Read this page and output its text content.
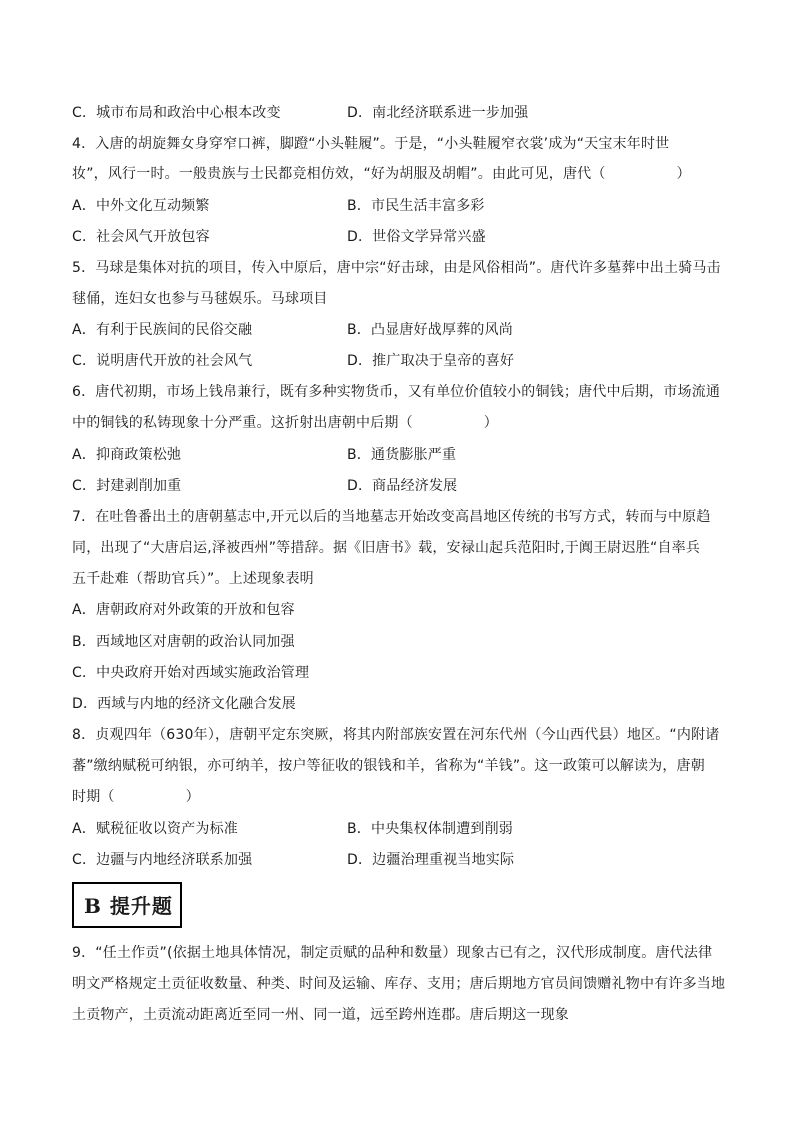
C．城市布局和政治中心根本改变	D．南北经济联系进一步加强
4．入唐的胡旋舞女身穿窄口裤，脚蹬“小头鞋履”。于是，“小头鞋履窄衣裳’成为“天宝末年时世
妆”，风行一时。一般贵族与士民都竞相仿效，“好为胡服及胡帽”。由此可见，唐代（　　　　　）
A．中外文化互动频繁	B．市民生活丰富多彩
C．社会风气开放包容	D．世俗文学异常兴盛
5．马球是集体对抗的项目，传入中原后，唐中宗“好击球，由是风俗相尚”。唐代许多墓葬中出土骑马击
毬俑，连妇女也参与马毬娱乐。马球项目
A．有利于民族间的民俗交融	B．凸显唐好战厚葬的风尚
C．说明唐代开放的社会风气	D．推广取决于皇帝的喜好
6．唐代初期，市场上钱帛兼行，既有多种实物货币，又有单位价值较小的铜钱；唐代中后期，市场流通
中的铜钱的私铸现象十分严重。这折射出唐朝中后期（　　　　　）
A．抑商政策松弛	B．通货膨胀严重
C．封建剥削加重	D．商品经济发展
7．在吐鲁番出土的唐朝墓志中,开元以后的当地墓志开始改变高昌地区传统的书写方式，转而与中原趋
同，出现了“大唐启运,泽被西州”等措辞。据《旧唐书》载，安禄山起兵范阳时,于阗王尉迟胜“自率兵
五千赴难（帮助官兵）”。上述现象表明
A．唐朝政府对外政策的开放和包容
B．西域地区对唐朝的政治认同加强
C．中央政府开始对西域实施政治管理
D．西域与内地的经济文化融合发展
8．贞观四年（630年），唐朝平定东突厥，将其内附部族安置在河东代州（今山西代县）地区。“内附诸
蕃”缴纳赋税可纳银，亦可纳羊，按户等征收的银钱和羊，省称为“羊钱”。这一政策可以解读为，唐朝
时期（　　　　　）
A．赋税征收以资产为标准	B．中央集权体制遭到削弱
C．边疆与内地经济联系加强	D．边疆治理重视当地实际
B 提升题
9．“任土作贡”(依据土地具体情况，制定贡赋的品种和数量）现象古已有之，汉代形成制度。唐代法律
明文严格规定土贡征收数量、种类、时间及运输、库存、支用；唐后期地方官员间馈赠礼物中有许多当地
土贡物产，土贡流动距离近至同一州、同一道，远至跨州连郡。唐后期这一现象
